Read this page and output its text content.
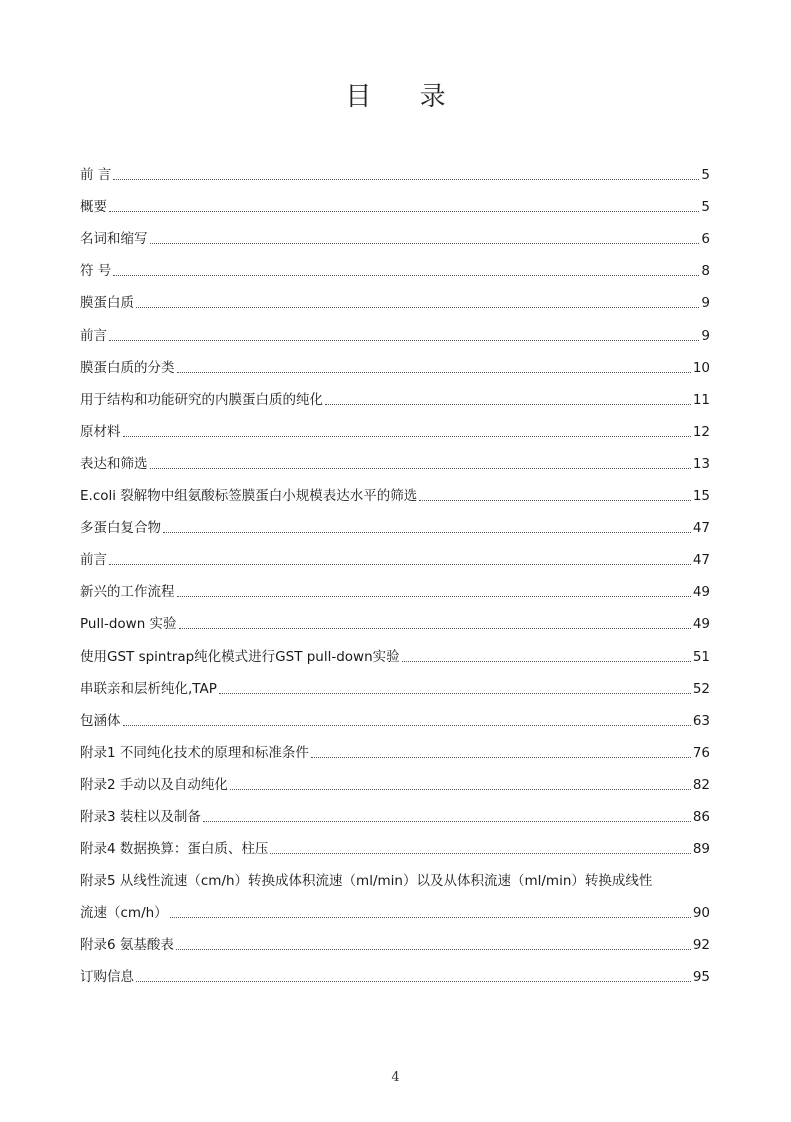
目 录
前 言	5
概要	5
名词和缩写	6
符 号	8
膜蛋白质	9
前言	9
膜蛋白质的分类	10
用于结构和功能研究的内膜蛋白质的纯化	11
原材料	12
表达和筛选	13
E.coli 裂解物中组氨酸标签膜蛋白小规模表达水平的筛选	15
多蛋白复合物	47
前言	47
新兴的工作流程	49
Pull-down 实验	49
使用GST spintrap纯化模式进行GST pull-down实验	51
串联亲和层析纯化,TAP	52
包涵体	63
附录1 不同纯化技术的原理和标准条件	76
附录2 手动以及自动纯化	82
附录3 装柱以及制备	86
附录4 数据换算：蛋白质、柱压	89
附录5 从线性流速（cm/h）转换成体积流速（ml/min）以及从体积流速（ml/min）转换成线性
流速（cm/h）	90
附录6 氨基酸表	92
订购信息	95
4
